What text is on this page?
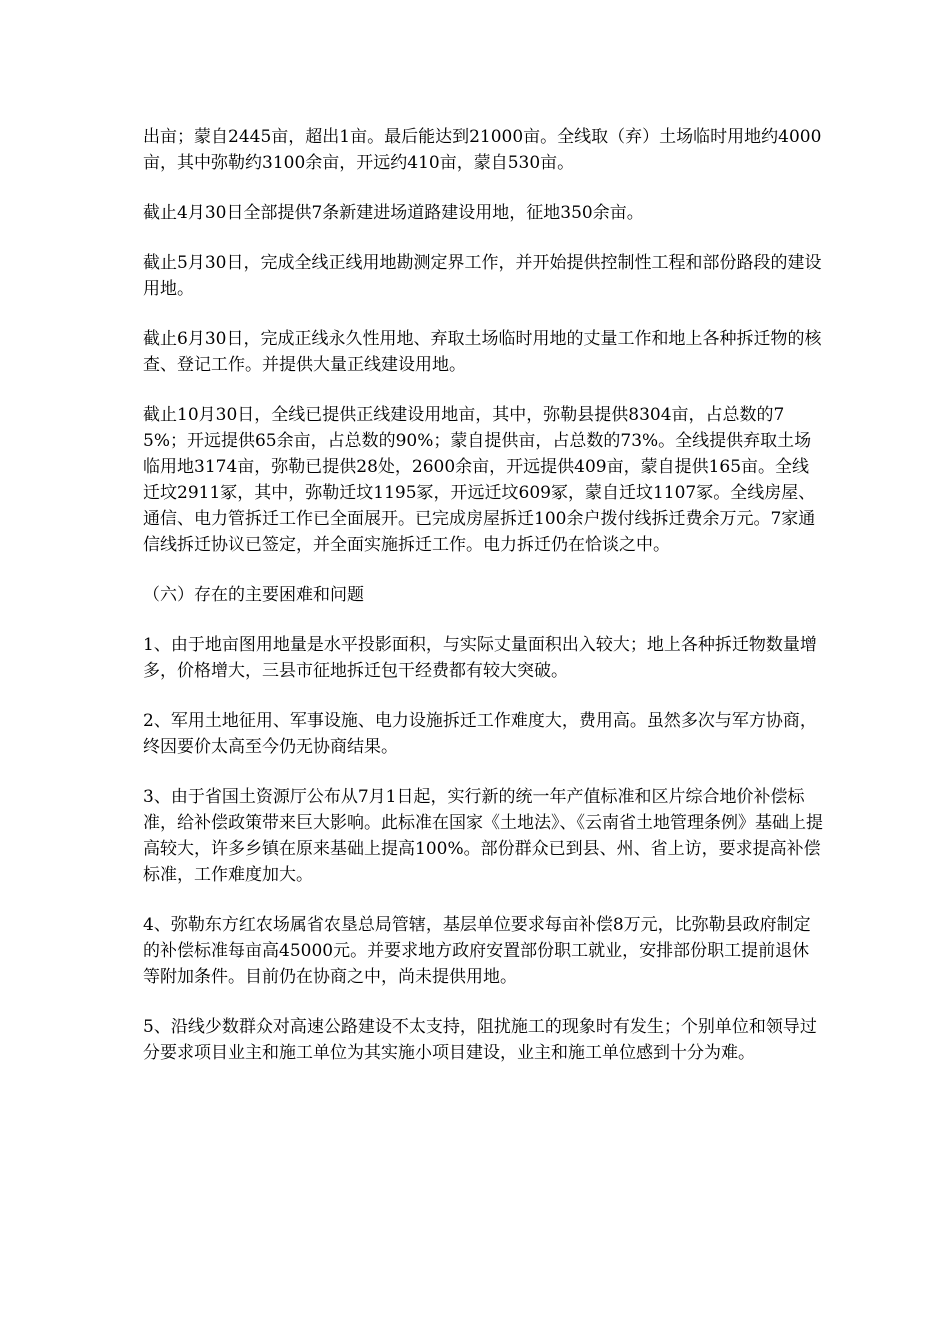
出亩；蒙自2445亩，超出1亩。最后能达到21000亩。全线取（弃）土场临时用地约4000亩，其中弥勒约3100余亩，开远约410亩，蒙自530亩。

截止4月30日全部提供7条新建进场道路建设用地，征地350余亩。

截止5月30日，完成全线正线用地勘测定界工作，并开始提供控制性工程和部份路段的建设用地。

截止6月30日，完成正线永久性用地、弃取土场临时用地的丈量工作和地上各种拆迁物的核查、登记工作。并提供大量正线建设用地。

截止10月30日，全线已提供正线建设用地亩，其中，弥勒县提供8304亩，占总数的75%；开远提供65余亩，占总数的90%；蒙自提供亩，占总数的73%。全线提供弃取土场临用地3174亩，弥勒已提供28处，2600余亩，开远提供409亩，蒙自提供165亩。全线迁坟2911冢，其中，弥勒迁坟1195冢，开远迁坟609冢，蒙自迁坟1107冢。全线房屋、通信、电力管拆迁工作已全面展开。已完成房屋拆迁100余户拨付线拆迁费余万元。7家通信线拆迁协议已签定，并全面实施拆迁工作。电力拆迁仍在恰谈之中。

（六）存在的主要困难和问题

1、由于地亩图用地量是水平投影面积，与实际丈量面积出入较大；地上各种拆迁物数量增多，价格增大，三县市征地拆迁包干经费都有较大突破。

2、军用土地征用、军事设施、电力设施拆迁工作难度大，费用高。虽然多次与军方协商，终因要价太高至今仍无协商结果。

3、由于省国土资源厅公布从7月1日起，实行新的统一年产值标准和区片综合地价补偿标准，给补偿政策带来巨大影响。此标准在国家《土地法》、《云南省土地管理条例》基础上提高较大，许多乡镇在原来基础上提高100%。部份群众已到县、州、省上访，要求提高补偿标准，工作难度加大。

4、弥勒东方红农场属省农垦总局管辖，基层单位要求每亩补偿8万元，比弥勒县政府制定的补偿标准每亩高45000元。并要求地方政府安置部份职工就业，安排部份职工提前退休等附加条件。目前仍在协商之中，尚未提供用地。

5、沿线少数群众对高速公路建设不太支持，阻扰施工的现象时有发生；个别单位和领导过分要求项目业主和施工单位为其实施小项目建设，业主和施工单位感到十分为难。
